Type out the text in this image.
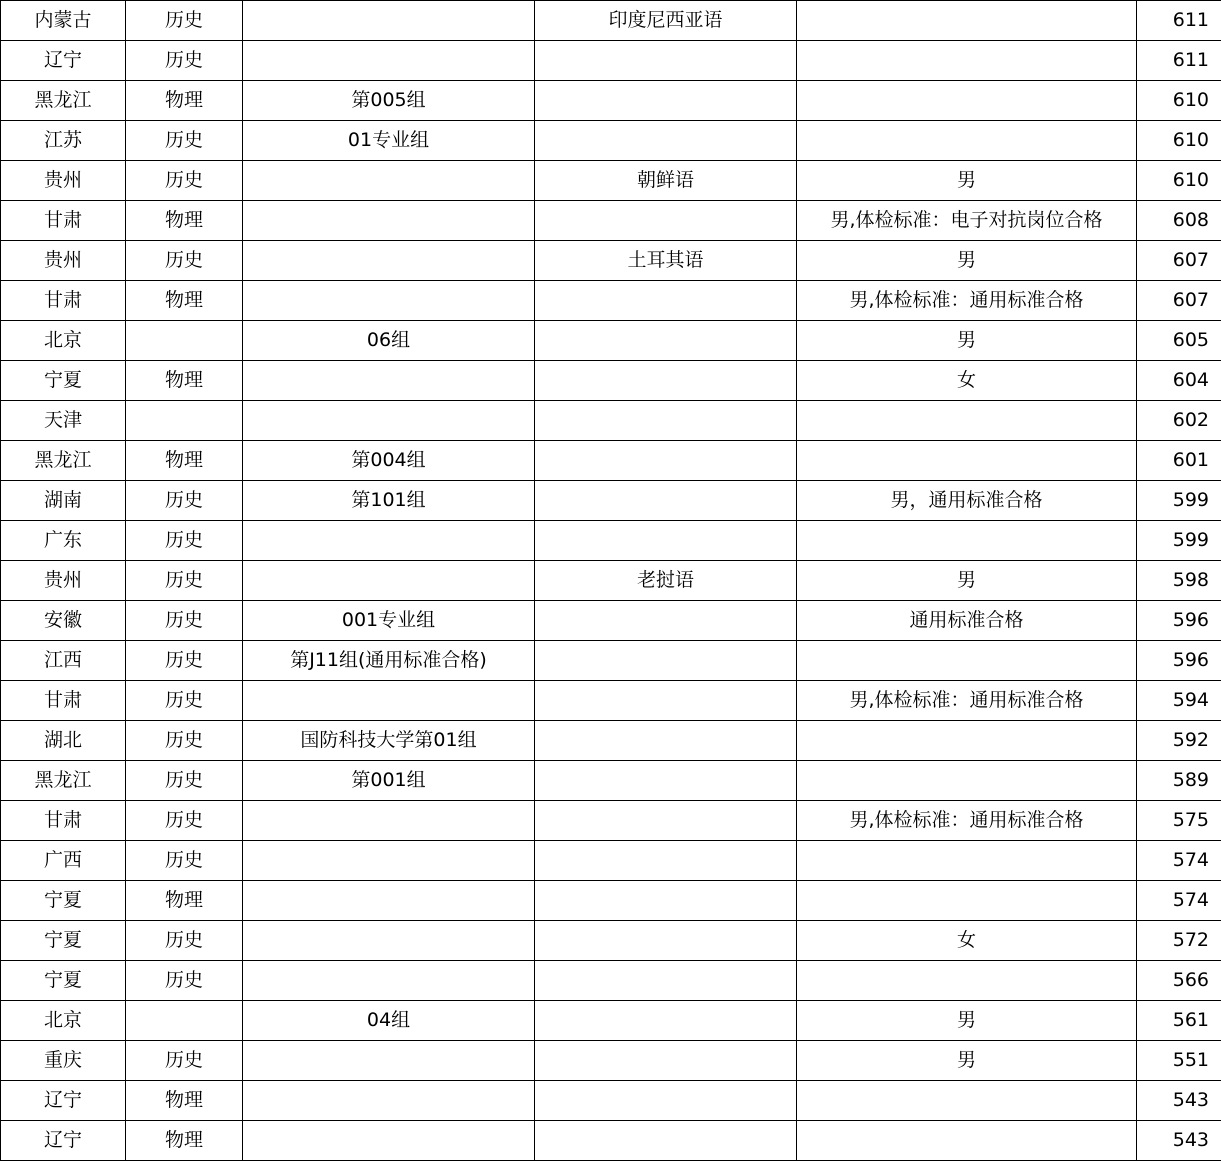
内蒙古	历史		印度尼西亚语		611
辽宁	历史				611
黑龙江	物理	第005组			610
江苏	历史	01专业组			610
贵州	历史		朝鲜语	男	610
甘肃	物理			男,体检标准：电子对抗岗位合格	608
贵州	历史		土耳其语	男	607
甘肃	物理			男,体检标准：通用标准合格	607
北京		06组		男	605
宁夏	物理			女	604
天津					602
黑龙江	物理	第004组			601
湖南	历史	第101组		男，通用标准合格	599
广东	历史				599
贵州	历史		老挝语	男	598
安徽	历史	001专业组		通用标准合格	596
江西	历史	第J11组(通用标准合格)			596
甘肃	历史			男,体检标准：通用标准合格	594
湖北	历史	国防科技大学第01组			592
黑龙江	历史	第001组			589
甘肃	历史			男,体检标准：通用标准合格	575
广西	历史				574
宁夏	物理				574
宁夏	历史			女	572
宁夏	历史				566
北京		04组		男	561
重庆	历史			男	551
辽宁	物理				543
辽宁	物理				543
